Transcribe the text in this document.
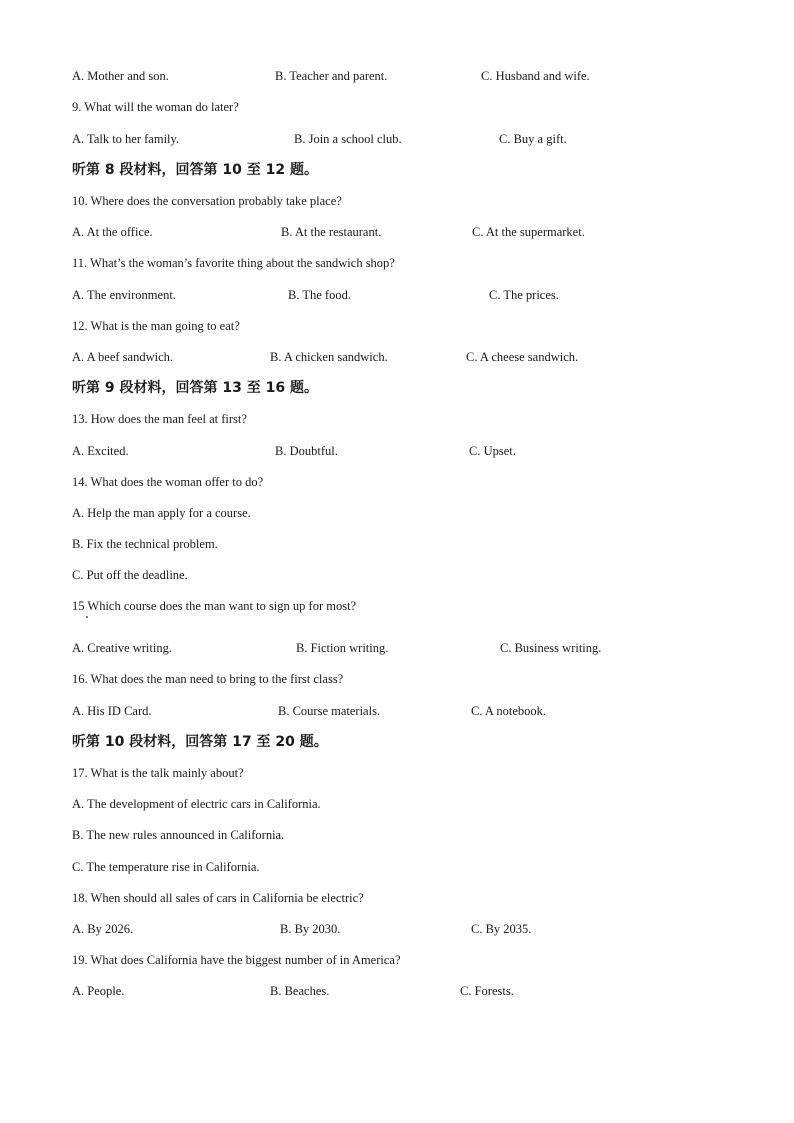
A. Mother and son.	B. Teacher and parent.	C. Husband and wife.
9. What will the woman do later?
A. Talk to her family.	B. Join a school club.	C. Buy a gift.
听第 8 段材料，回答第 10 至 12 题。
10. Where does the conversation probably take place?
A. At the office.	B. At the restaurant.	C. At the supermarket.
11. What’s the woman’s favorite thing about the sandwich shop?
A. The environment.	B. The food.	C. The prices.
12. What is the man going to eat?
A. A beef sandwich.	B. A chicken sandwich.	C. A cheese sandwich.
听第 9 段材料，回答第 13 至 16 题。
13. How does the man feel at first?
A. Excited.	B. Doubtful.	C. Upset.
14. What does the woman offer to do?
A. Help the man apply for a course.
B. Fix the technical problem.
C. Put off the deadline.
15 Which course does the man want to sign up for most?
A. Creative writing.	B. Fiction writing.	C. Business writing.
16. What does the man need to bring to the first class?
A. His ID Card.	B. Course materials.	C. A notebook.
听第 10 段材料，回答第 17 至 20 题。
17. What is the talk mainly about?
A. The development of electric cars in California.
B. The new rules announced in California.
C. The temperature rise in California.
18. When should all sales of cars in California be electric?
A. By 2026.	B. By 2030.	C. By 2035.
19. What does California have the biggest number of in America?
A. People.	B. Beaches.	C. Forests.
